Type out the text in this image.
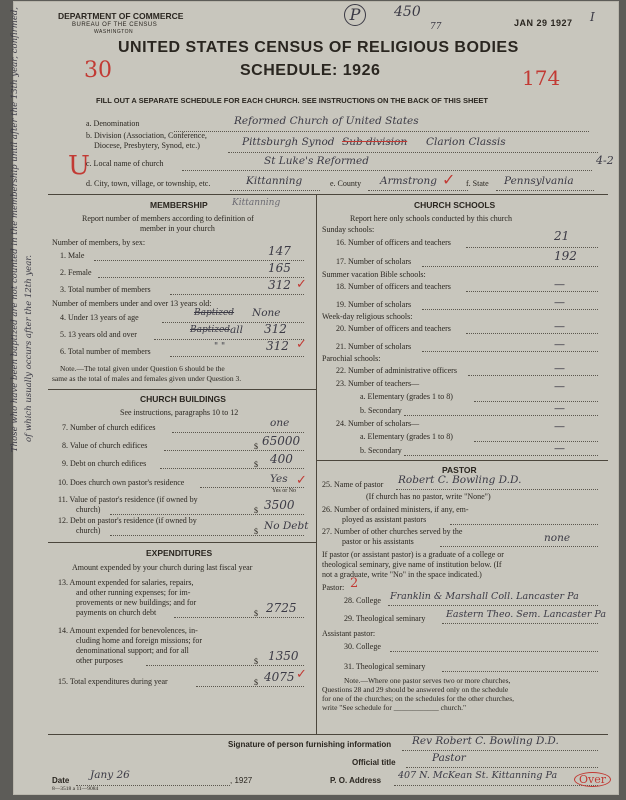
DEPARTMENT OF COMMERCE
BUREAU OF THE CENSUS
WASHINGTON
P	450
77	JAN 29 1927 I
UNITED STATES CENSUS OF RELIGIOUS BODIES
30	SCHEDULE: 1926	174
FILL OUT A SEPARATE SCHEDULE FOR EACH CHURCH. SEE INSTRUCTIONS ON THE BACK OF THIS SHEET
a. Denomination	Reformed Church of United States
b. Division (Association, Conference,
Diocese, Presbytery, Synod, etc.)	Pittsburgh Synod Sub division Clarion Classis
U
c. Local name of church	St Luke's Reformed	4-2
d. City, town, village, or township, etc.	Kittanning	e. County Armstrong ✓ f. State Pennsylvania
Those who have been baptized are not counted in the membership until after the 13th year, confirmed, of which usually occurs after the 12th year.
MEMBERSHIP	Kittanning
Report number of members according to definition of
member in your church
Number of members, by sex:
1. Male	147
2. Female	165
3. Total number of members	312 ✓
Number of members under and over 13 years old:
4. Under 13 years of age	Baptized None
5. 13 years old and over	Baptized all 312
6. Total number of members	" "	312 ✓
Note.—The total given under Question 6 should be the
same as the total of males and females given under Question 3.
CHURCH BUILDINGS
See instructions, paragraphs 10 to 12
7. Number of church edifices	one
8. Value of church edifices	$ 65000
9. Debt on church edifices	$ 400
10. Does church own pastor's residence	Yes ✓
Yes or No
11. Value of pastor's residence (if owned by
church)	$ 3500
12. Debt on pastor's residence (if owned by
church)	$ No Debt
EXPENDITURES
Amount expended by your church during last fiscal year
13. Amount expended for salaries, repairs,
and other running expenses; for im-
provements or new buildings; and for
payments on church debt	$ 2725
14. Amount expended for benevolences, in-
cluding home and foreign missions; for
denominational support; and for all
other purposes	$ 1350
15. Total expenditures during year	$ 4075 ✓
CHURCH SCHOOLS
Report here only schools conducted by this church
Sunday schools:
16. Number of officers and teachers	21
17. Number of scholars	192
Summer vacation Bible schools:
18. Number of officers and teachers	—
19. Number of scholars	—
Week-day religious schools:
20. Number of officers and teachers	—
21. Number of scholars	—
Parochial schools:
22. Number of administrative officers	—
23. Number of teachers—
a. Elementary (grades 1 to 8)
—
b. Secondary	—
24. Number of scholars—
a. Elementary (grades 1 to 8)
—
b. Secondary	—
PASTOR
25. Name of pastor Robert C. Bowling D.D.
(If church has no pastor, write "None")
26. Number of ordained ministers, if any, em-
ployed as assistant pastors
27. Number of other churches served by the
pastor or his assistants	none
If pastor (or assistant pastor) is a graduate of a college or
theological seminary, give name of institution below. (If
not a graduate, write "No" in the space indicated.)
Pastor: 2
28. College Franklin & Marshall Coll. Lancaster Pa
29. Theological seminary Eastern Theo. Sem. Lancaster Pa
Assistant pastor:
30. College
31. Theological seminary
Note.—Where one pastor serves two or more churches,
Questions 28 and 29 should be answered only on the schedule
for one of the churches; on the schedules for the other churches,
write "See schedule for ____________ church."
Signature of person furnishing information Rev Robert C. Bowling D.D.
Official title	Pastor
Date Jany 26	, 1927	P. O. Address 407 N. McKean St. Kittanning Pa
8—3518 a 11—9084
Over
